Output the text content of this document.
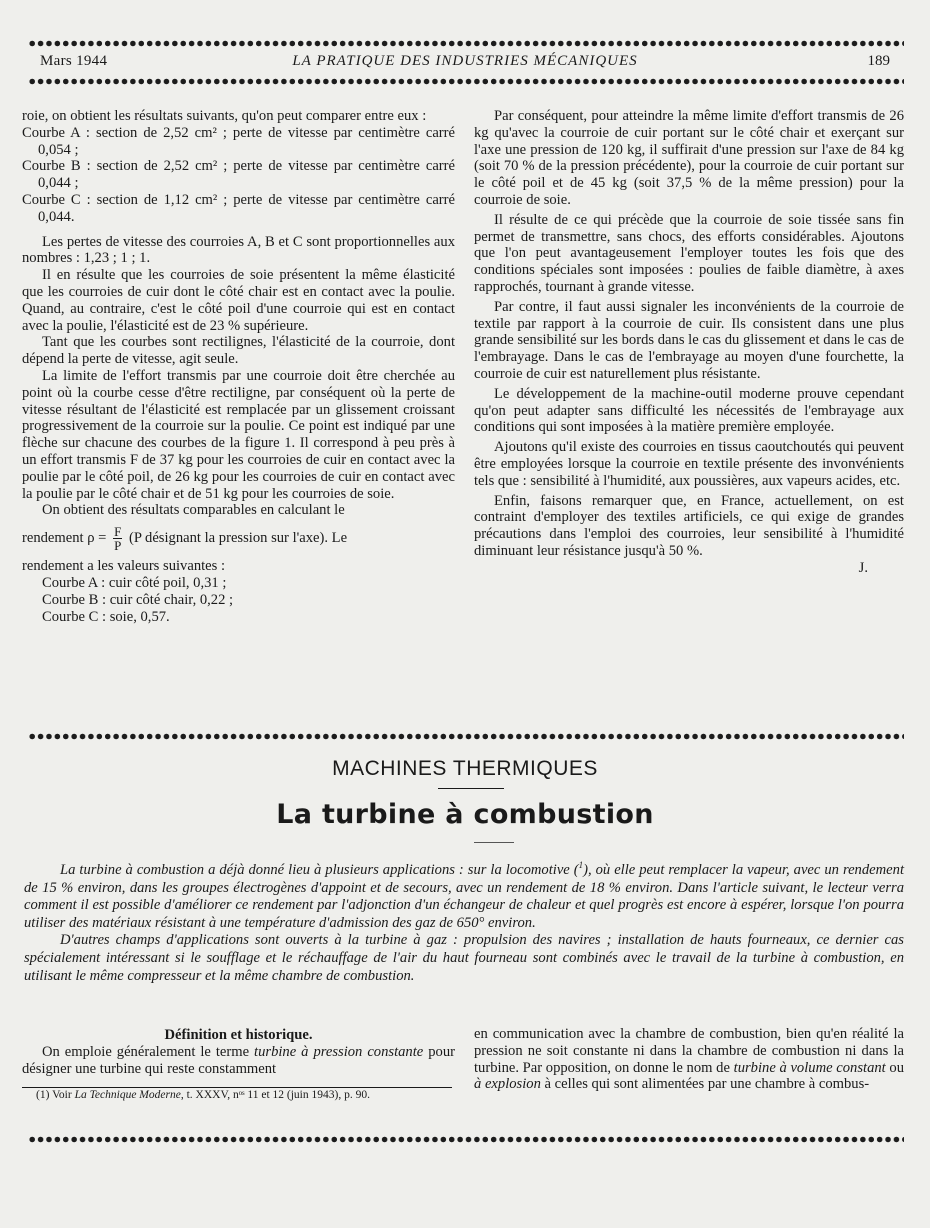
Mars 1944	LA PRATIQUE DES INDUSTRIES MÉCANIQUES	189

roie, on obtient les résultats suivants, qu'on peut comparer entre eux :

Courbe A : section de 2,52 cm² ; perte de vitesse par centimètre carré 0,054 ;

Courbe B : section de 2,52 cm² ; perte de vitesse par centimètre carré 0,044 ;

Courbe C : section de 1,12 cm² ; perte de vitesse par centimètre carré 0,044.

Les pertes de vitesse des courroies A, B et C sont proportionnelles aux nombres : 1,23 ; 1 ; 1.

Il en résulte que les courroies de soie présentent la même élasticité que les courroies de cuir dont le côté chair est en contact avec la poulie. Quand, au contraire, c'est le côté poil d'une courroie qui est en contact avec la poulie, l'élasticité est de 23 % supérieure.

Tant que les courbes sont rectilignes, l'élasticité de la courroie, dont dépend la perte de vitesse, agit seule.

La limite de l'effort transmis par une courroie doit être cherchée au point où la courbe cesse d'être rectiligne, par conséquent où la perte de vitesse résultant de l'élasticité est remplacée par un glissement croissant progressivement de la courroie sur la poulie. Ce point est indiqué par une flèche sur chacune des courbes de la figure 1. Il correspond à peu près à un effort transmis F de 37 kg pour les courroies de cuir en contact avec la poulie par le côté poil, de 26 kg pour les courroies de cuir en contact avec la poulie par le côté chair et de 51 kg pour les courroies de soie.

On obtient des résultats comparables en calculant le

rendement $\rho = \frac{F}{P} (P$ désignant la pression sur l'axe). Le

rendement a les valeurs suivantes :

Courbe A : cuir côté poil, 0,31 ;

Courbe B : cuir côté chair, 0,22 ;

Courbe C : soie, 0,57.

Par conséquent, pour atteindre la même limite d'effort transmis de 26 kg qu'avec la courroie de cuir portant sur le côté chair et exerçant sur l'axe une pression de 120 kg, il suffirait d'une pression sur l'axe de 84 kg (soit 70 % de la pression précédente), pour la courroie de cuir portant sur le côté poil et de 45 kg (soit 37,5 % de la même pression) pour la courroie de soie.

Il résulte de ce qui précède que la courroie de soie tissée sans fin permet de transmettre, sans chocs, des efforts considérables. Ajoutons que l'on peut avantageusement l'employer toutes les fois que des conditions spéciales sont imposées : poulies de faible diamètre, à axes rapprochés, tournant à grande vitesse.

Par contre, il faut aussi signaler les inconvénients de la courroie de textile par rapport à la courroie de cuir. Ils consistent dans une plus grande sensibilité sur les bords dans le cas du glissement et dans le cas de l'embrayage. Dans le cas de l'embrayage au moyen d'une fourchette, la courroie de cuir est naturellement plus résistante.

Le développement de la machine-outil moderne prouve cependant qu'on peut adapter sans difficulté les nécessités de l'embrayage aux conditions qui sont imposées à la matière première employée.

Ajoutons qu'il existe des courroies en tissus caoutchoutés qui peuvent être employées lorsque la courroie en textile présente des invonvénients tels que : sensibilité à l'humidité, aux poussières, aux vapeurs acides, etc.

Enfin, faisons remarquer que, en France, actuellement, on est contraint d'employer des textiles artificiels, ce qui exige de grandes précautions dans l'emploi des courroies, leur sensibilité à l'humidité diminuant leur résistance jusqu'à 50 %.

J.

MACHINES THERMIQUES
La turbine à combustion

La turbine à combustion a déjà donné lieu à plusieurs applications : sur la locomotive ($^1$), où elle peut remplacer la vapeur, avec un rendement de 15 % environ, dans les groupes électrogènes d'appoint et de secours, avec un rendement de 18 % environ. Dans l'article suivant, le lecteur verra comment il est possible d'améliorer ce rendement par l'adjonction d'un échangeur de chaleur et quel progrès est encore à espérer, lorsque l'on pourra utiliser des matériaux résistant à une température d'admission des gaz de 650° environ.

D'autres champs d'applications sont ouverts à la turbine à gaz : propulsion des navires ; installation de hauts fourneaux, ce dernier cas spécialement intéressant si le soufflage et le réchauffage de l'air du haut fourneau sont combinés avec le travail de la turbine à combustion, en utilisant le même compresseur et la même chambre de combustion.

Définition et historique.

On emploie généralement le terme turbine à pression constante pour désigner une turbine qui reste constamment

(1) Voir La Technique Moderne, t. XXXV, nᵒˢ 11 et 12 (juin 1943), p. 90.

en communication avec la chambre de combustion, bien qu'en réalité la pression ne soit constante ni dans la chambre de combustion ni dans la turbine. Par opposition, on donne le nom de turbine à volume constant ou à explosion à celles qui sont alimentées par une chambre à combus-
